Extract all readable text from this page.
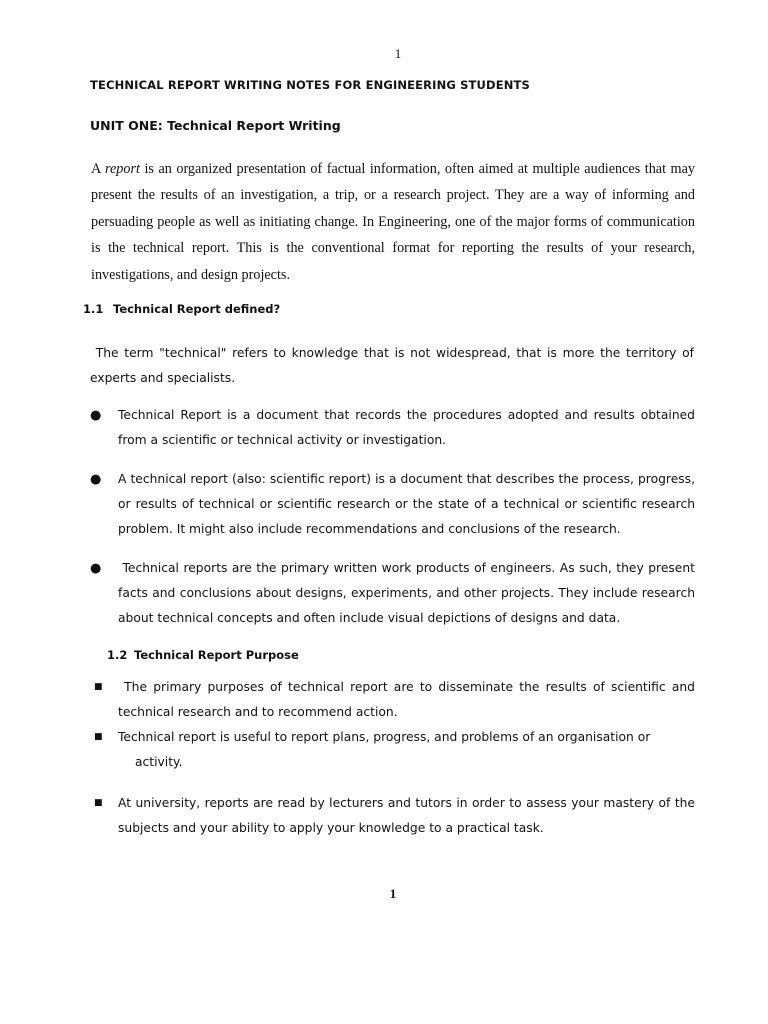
1
TECHNICAL REPORT WRITING NOTES FOR ENGINEERING STUDENTS
UNIT ONE: Technical Report Writing

A report is an organized presentation of factual information, often aimed at multiple audiences that may present the results of an investigation, a trip, or a research project. They are a way of informing and persuading people as well as initiating change. In Engineering, one of the major forms of communication is the technical report. This is the conventional format for reporting the results of your research, investigations, and design projects.

1.1 Technical Report defined?

The term "technical" refers to knowledge that is not widespread, that is more the territory of experts and specialists.

●	Technical Report is a document that records the procedures adopted and results obtained from a scientific or technical activity or investigation.
●	A technical report (also: scientific report) is a document that describes the process, progress, or results of technical or scientific research or the state of a technical or scientific research problem. It might also include recommendations and conclusions of the research.
●	Technical reports are the primary written work products of engineers. As such, they present facts and conclusions about designs, experiments, and other projects. They include research about technical concepts and often include visual depictions of designs and data.
1.2 Technical Report Purpose
■	The primary purposes of technical report are to disseminate the results of scientific and technical research and to recommend action.
■	Technical report is useful to report plans, progress, and problems of an organisation or
activity.
■	At university, reports are read by lecturers and tutors in order to assess your mastery of the subjects and your ability to apply your knowledge to a practical task.
1
